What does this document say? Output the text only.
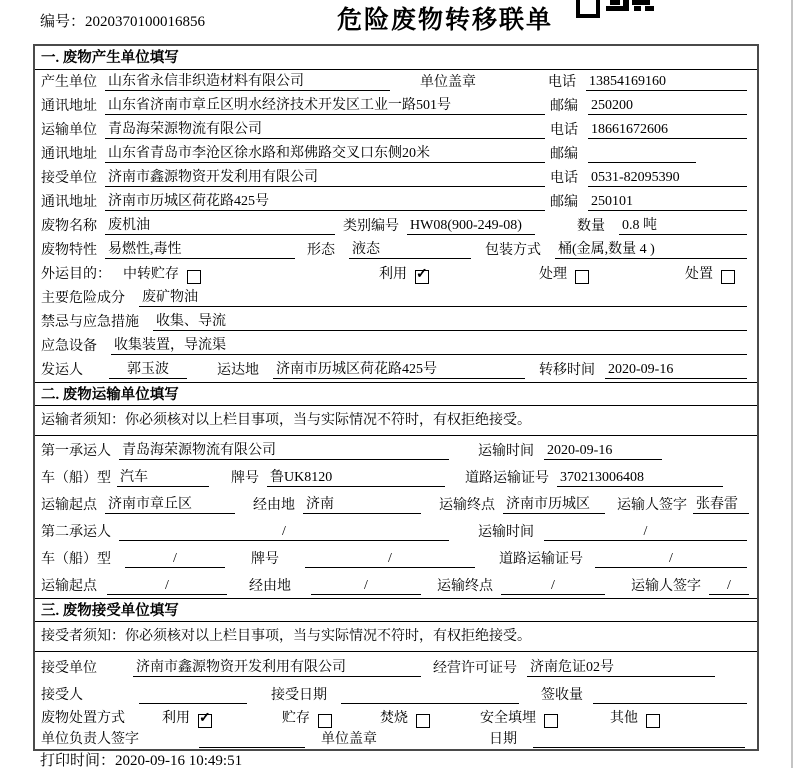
编号：2020370100016856	危险废物转移联单
一. 废物产生单位填写
产生单位 山东省永信非织造材料有限公司	单位盖章	电话 13854169160
通讯地址 山东省济南市章丘区明水经济技术开发区工业一路501号	邮编 250200
运输单位 青岛海荣源物流有限公司	电话 18661672606
通讯地址 山东省青岛市李沧区徐水路和郑佛路交叉口东侧20米	邮编
接受单位 济南市鑫源物资开发利用有限公司	电话 0531-82095390
通讯地址 济南市历城区荷花路425号	邮编 250101
废物名称 废机油	类别编号 HW08(900-249-08)	数量 0.8 吨
废物特性 易燃性,毒性	形态 液态	包装方式 桶(金属,数量 4 )
外运目的： 中转贮存	利用 ✓	处理	处置
主要危险成分 废矿物油
禁忌与应急措施 收集、导流
应急设备 收集装置，导流渠
发运人	郭玉波	运达地 济南市历城区荷花路425号	转移时间 2020-09-16
二. 废物运输单位填写
运输者须知：你必须核对以上栏目事项，当与实际情况不符时，有权拒绝接受。
第一承运人 青岛海荣源物流有限公司	运输时间 2020-09-16
车（船）型 汽车	牌号 鲁UK8120	道路运输证号 370213006408
运输起点 济南市章丘区	经由地 济南	运输终点 济南市历城区	运输人签字 张春雷
第二承运人	/	运输时间	/
车（船）型	/	牌号	/	道路运输证号	/
运输起点	/	经由地	/	运输终点	/	运输人签字	/
三. 废物接受单位填写
接受者须知：你必须核对以上栏目事项，当与实际情况不符时，有权拒绝接受。
接受单位	济南市鑫源物资开发利用有限公司	经营许可证号 济南危证02号
接受人	接受日期	签收量
废物处置方式	利用 ✓	贮存	焚烧	安全填埋	其他
单位负责人签字	单位盖章	日期
打印时间：2020-09-16 10:49:51
